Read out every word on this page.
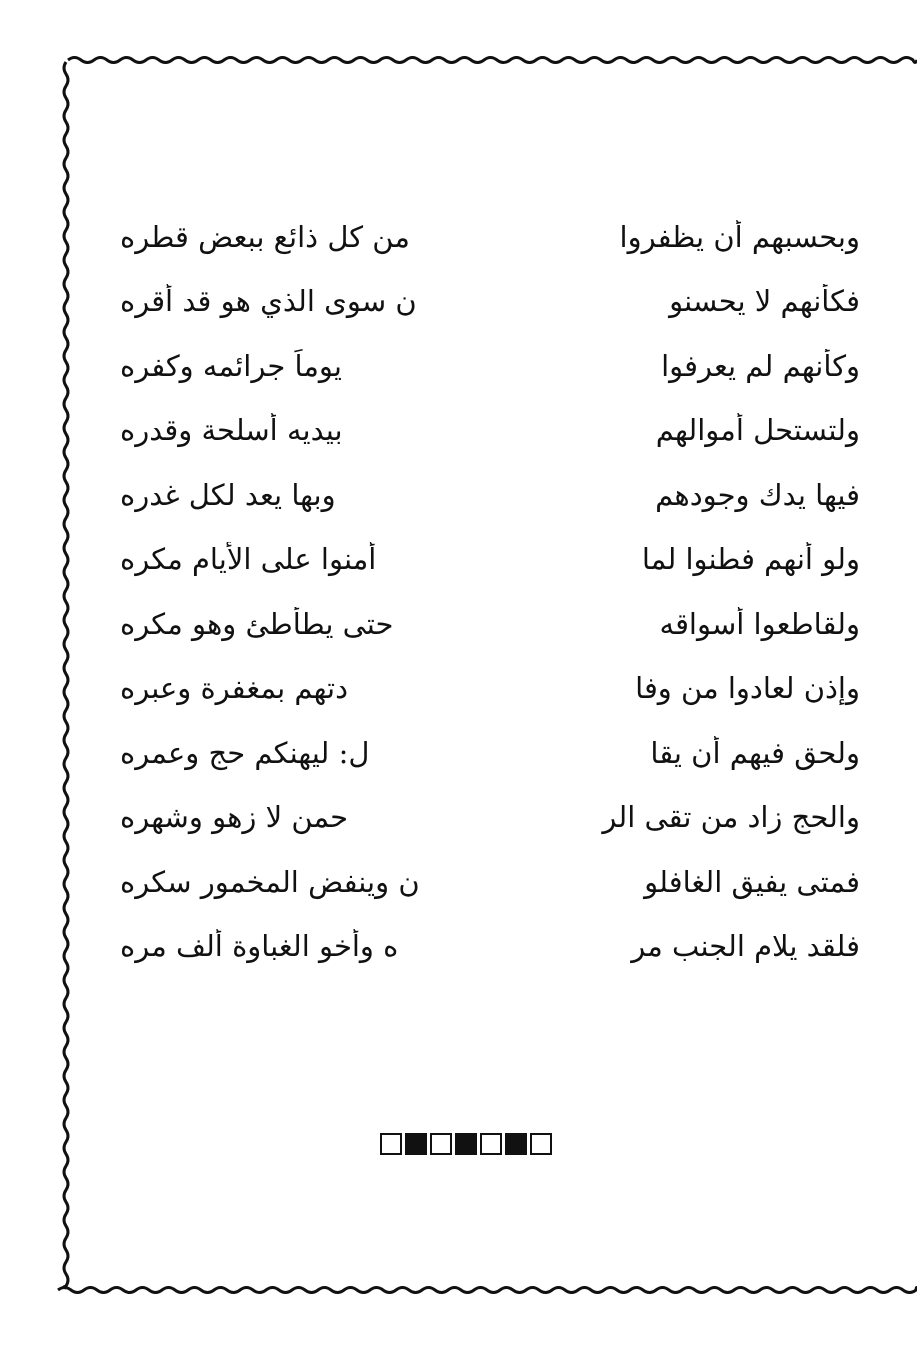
وبحسبهم أن يظفروا
من كل ذائع ببعض قطره
فكأنهم لا يحسنو
ن سوى الذي هو قد أقره
وكأنهم لم يعرفوا
يوماً جرائمه وكفره
ولتستحل أموالهم
بيديه أسلحة وقدره
فيها يدك وجودهم
وبها يعد لكل غدره
ولو أنهم فطنوا لما
أمنوا على الأيام مكره
ولقاطعوا أسواقه
حتى يطأطئ وهو مكره
وإذن لعادوا من وفا
دتهم بمغفرة وعبره
ولحق فيهم أن يقا
ل: ليهنكم حج وعمره
والحج زاد من تقى الر
حمن لا زهو وشهره
فمتى يفيق الغافلو
ن وينفض المخمور سكره
فلقد يلام الجنب مر
ه وأخو الغباوة ألف مره
